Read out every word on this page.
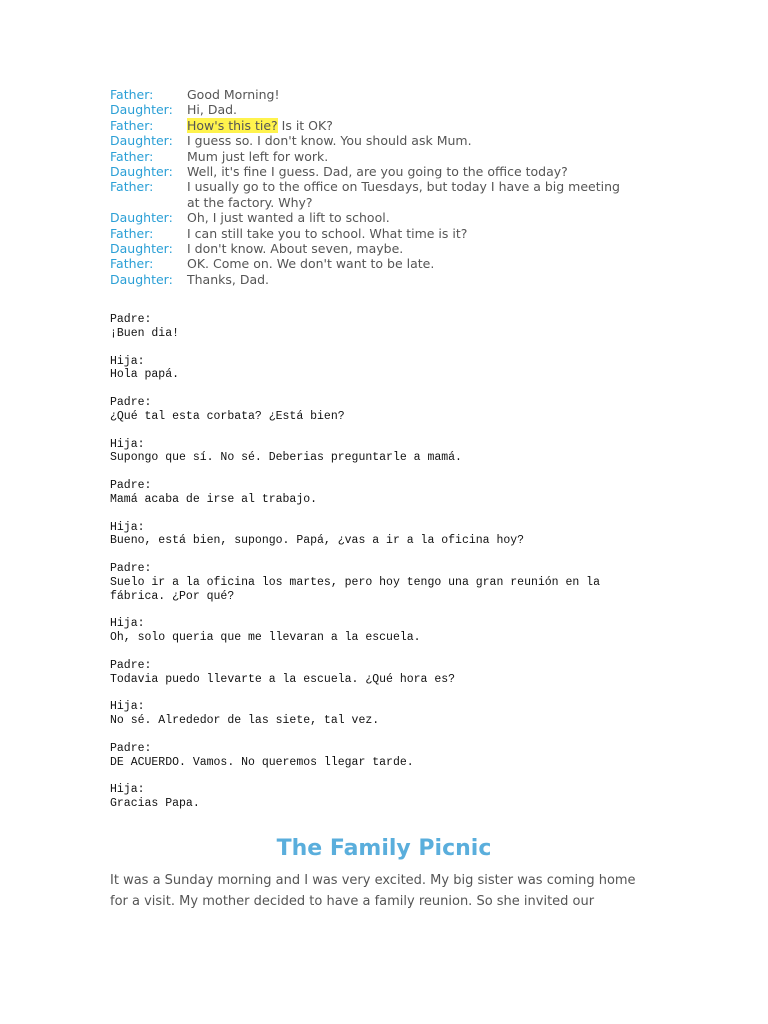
Father:	Good Morning!
Daughter:	Hi, Dad.
Father:	How's this tie? Is it OK?
Daughter:	I guess so. I don't know. You should ask Mum.
Father:	Mum just left for work.
Daughter:	Well, it's fine I guess. Dad, are you going to the office today?
Father:	I usually go to the office on Tuesdays, but today I have a big meeting at the factory. Why?
Daughter:	Oh, I just wanted a lift to school.
Father:	I can still take you to school. What time is it?
Daughter:	I don't know. About seven, maybe.
Father:	OK. Come on. We don't want to be late.
Daughter:	Thanks, Dad.
Padre:
¡Buen dia!
Hija:
Hola papá.
Padre:
¿Qué tal esta corbata? ¿Está bien?
Hija:
Supongo que sí. No sé. Deberias preguntarle a mamá.
Padre:
Mamá acaba de irse al trabajo.
Hija:
Bueno, está bien, supongo. Papá, ¿vas a ir a la oficina hoy?
Padre:
Suelo ir a la oficina los martes, pero hoy tengo una gran reunión en la fábrica. ¿Por qué?
Hija:
Oh, solo queria que me llevaran a la escuela.
Padre:
Todavia puedo llevarte a la escuela. ¿Qué hora es?
Hija:
No sé. Alrededor de las siete, tal vez.
Padre:
DE ACUERDO. Vamos. No queremos llegar tarde.
Hija:
Gracias Papa.
The Family Picnic

It was a Sunday morning and I was very excited. My big sister was coming home for a visit. My mother decided to have a family reunion. So she invited our
